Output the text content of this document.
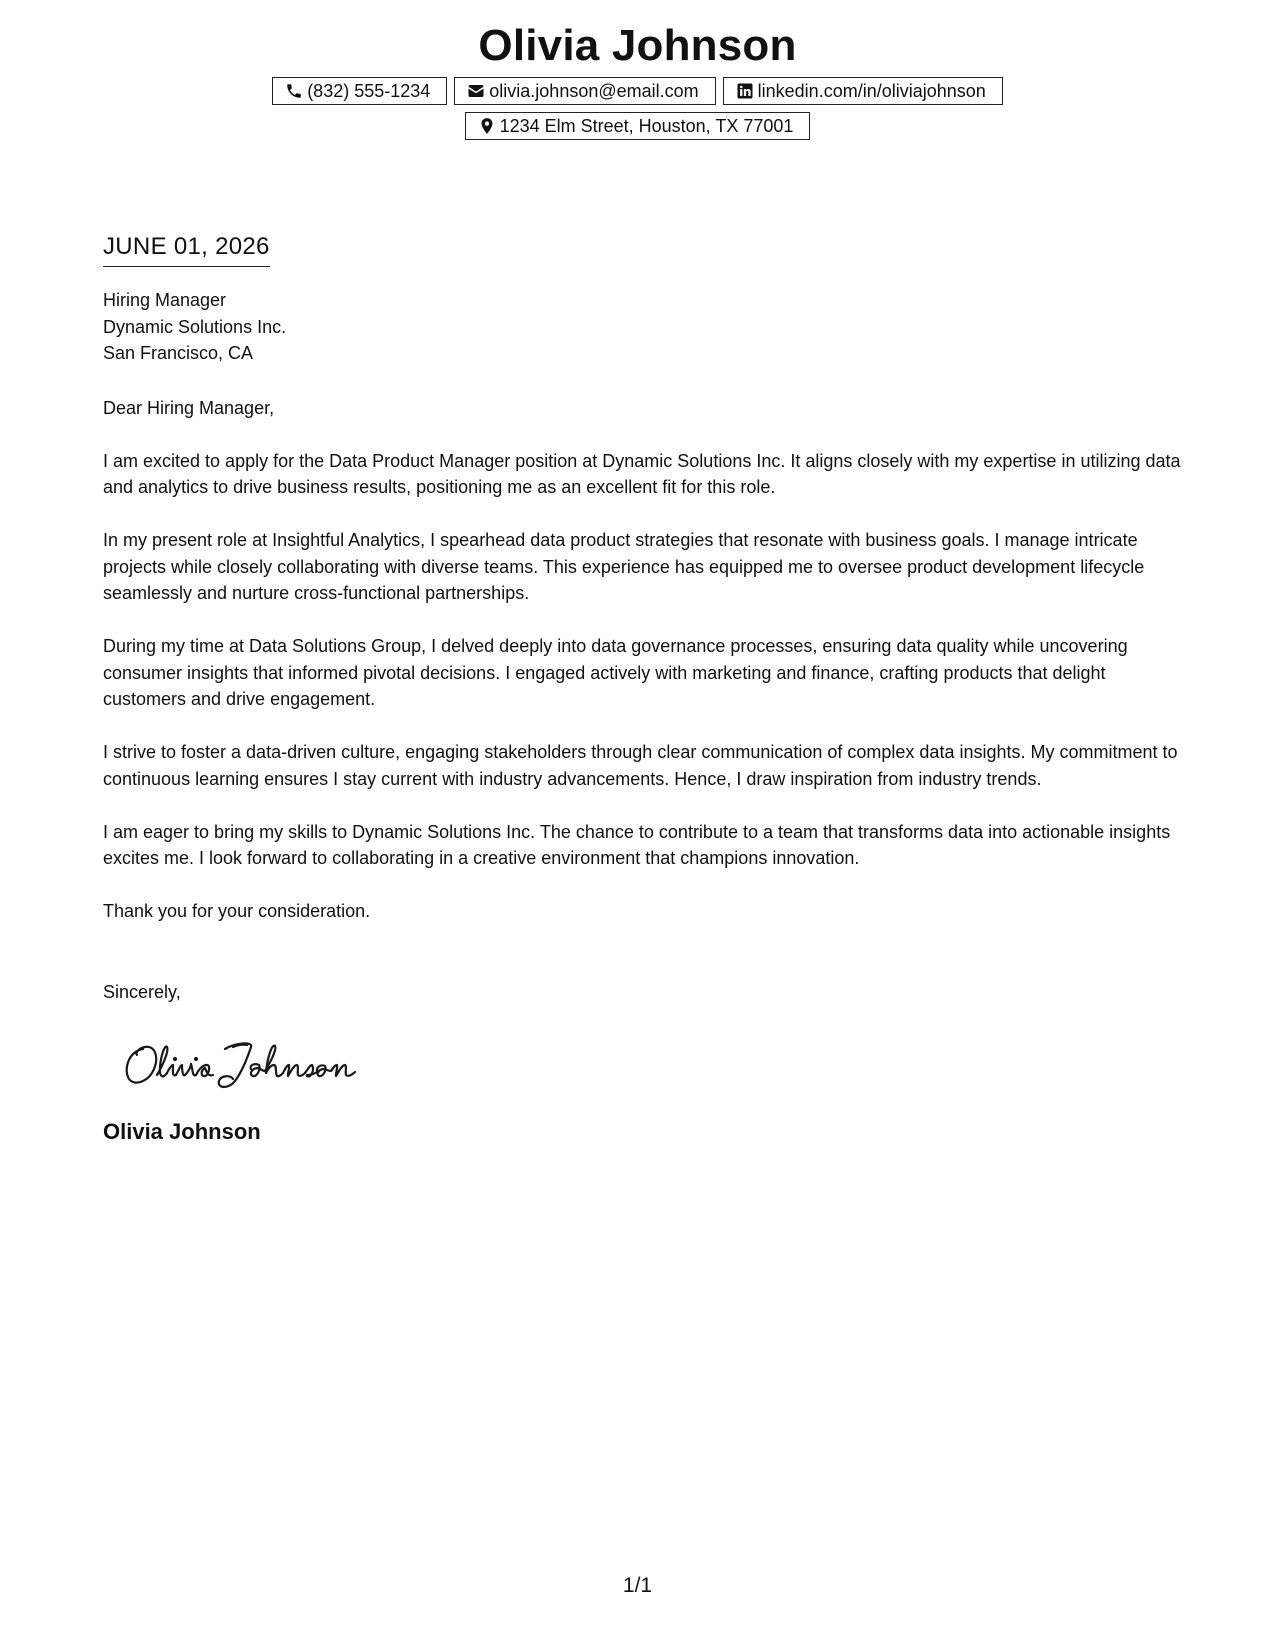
Olivia Johnson
(832) 555-1234	olivia.johnson@email.com	linkedin.com/in/oliviajohnson
1234 Elm Street, Houston, TX 77001
JUNE 01, 2026
Hiring Manager
Dynamic Solutions Inc.
San Francisco, CA

Dear Hiring Manager,

I am excited to apply for the Data Product Manager position at Dynamic Solutions Inc. It aligns closely with my expertise in utilizing data and analytics to drive business results, positioning me as an excellent fit for this role.

In my present role at Insightful Analytics, I spearhead data product strategies that resonate with business goals. I manage intricate projects while closely collaborating with diverse teams. This experience has equipped me to oversee product development lifecycle seamlessly and nurture cross-functional partnerships.

During my time at Data Solutions Group, I delved deeply into data governance processes, ensuring data quality while uncovering consumer insights that informed pivotal decisions. I engaged actively with marketing and finance, crafting products that delight customers and drive engagement.

I strive to foster a data-driven culture, engaging stakeholders through clear communication of complex data insights. My commitment to continuous learning ensures I stay current with industry advancements. Hence, I draw inspiration from industry trends.

I am eager to bring my skills to Dynamic Solutions Inc. The chance to contribute to a team that transforms data into actionable insights excites me. I look forward to collaborating in a creative environment that champions innovation.

Thank you for your consideration.

Sincerely,

Olivia Johnson
1/1
